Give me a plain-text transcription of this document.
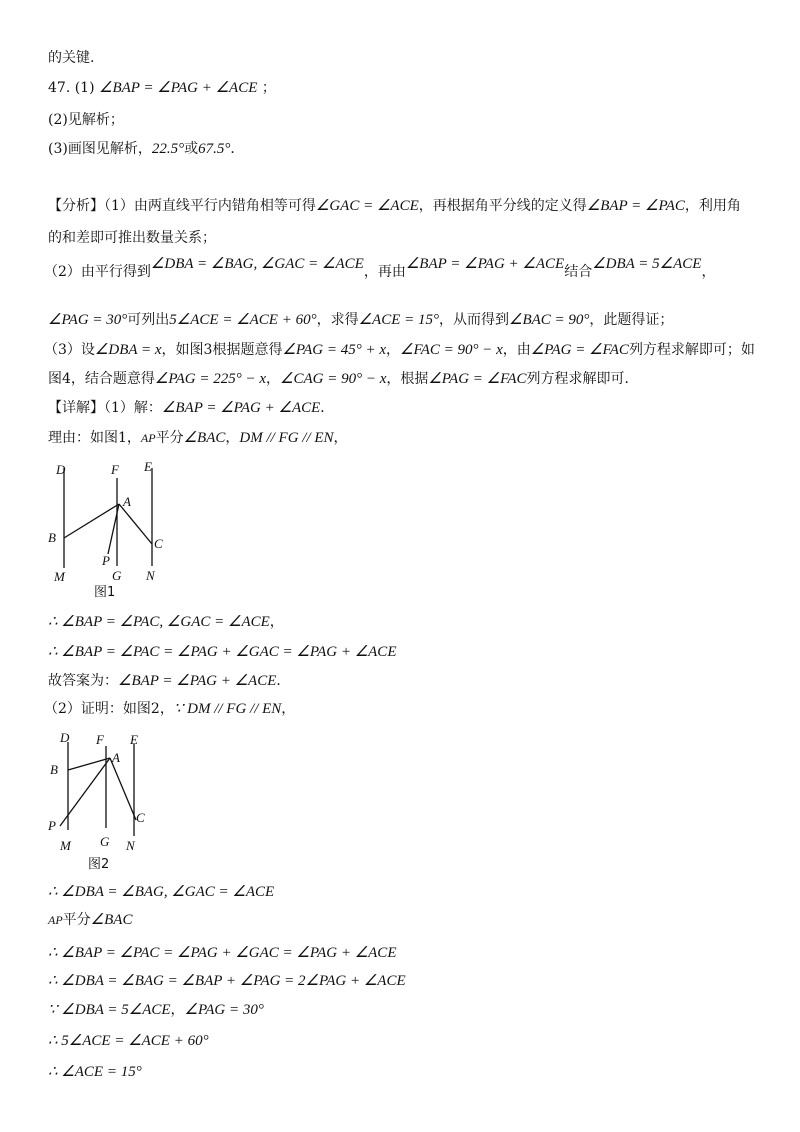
的关键.
47. (1) ∠BAP = ∠PAG + ∠ACE ；
(2)见解析；
(3)画图见解析，22.5°或67.5°．
【分析】（1）由两直线平行内错角相等可得∠GAC = ∠ACE，再根据角平分线的定义得∠BAP = ∠PAC，利用角
的和差即可推出数量关系；
（2）由平行得到∠DBA = ∠BAG, ∠GAC = ∠ACE，再由∠BAP = ∠PAG + ∠ACE结合∠DBA = 5∠ACE，
∠PAG = 30°可列出5∠ACE = ∠ACE + 60°，求得∠ACE = 15°，从而得到∠BAC = 90°，此题得证；
（3）设∠DBA = x，如图3根据题意得∠PAG = 45° + x，∠FAC = 90° − x，由∠PAG = ∠FAC列方程求解即可；如
图4，结合题意得∠PAG = 225° − x，∠CAG = 90° − x，根据∠PAG = ∠FAC列方程求解即可．
【详解】（1）解：∠BAP = ∠PAG + ∠ACE．
理由：如图1，AP平分∠BAC，DM // FG // EN，
D	F E
A
B	C
P
M	G N
图1
∴ ∠BAP = ∠PAC, ∠GAC = ∠ACE，
∴ ∠BAP = ∠PAC = ∠PAG + ∠GAC = ∠PAG + ∠ACE
故答案为：∠BAP = ∠PAG + ∠ACE．
（2）证明：如图2，∵ DM // FG // EN，
D F
A
E
B
P
C
M G N
图2
∴ ∠DBA = ∠BAG, ∠GAC = ∠ACE
AP平分∠BAC
∴ ∠BAP = ∠PAC = ∠PAG + ∠GAC = ∠PAG + ∠ACE
∴ ∠DBA = ∠BAG = ∠BAP + ∠PAG = 2∠PAG + ∠ACE
∵ ∠DBA = 5∠ACE，∠PAG = 30°
∴ 5∠ACE = ∠ACE + 60°
∴ ∠ACE = 15°
